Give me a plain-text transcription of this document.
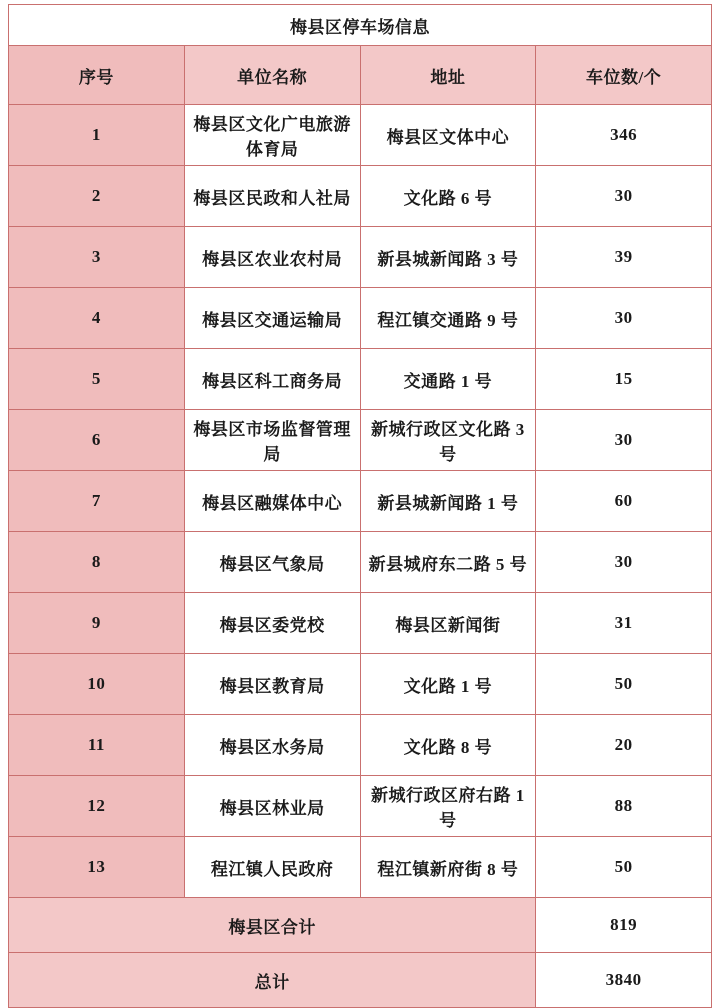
梅县区停车场信息			
序号	单位名称	地址	车位数/个
1	梅县区文化广电旅游体育局	梅县区文体中心	346
2	梅县区民政和人社局	文化路 6 号	30
3	梅县区农业农村局	新县城新闻路 3 号	39
4	梅县区交通运输局	程江镇交通路 9 号	30
5	梅县区科工商务局	交通路 1 号	15
6	梅县区市场监督管理局	新城行政区文化路 3 号	30
7	梅县区融媒体中心	新县城新闻路 1 号	60
8	梅县区气象局	新县城府东二路 5 号	30
9	梅县区委党校	梅县区新闻街	31
10	梅县区教育局	文化路 1 号	50
11	梅县区水务局	文化路 8 号	20
12	梅县区林业局	新城行政区府右路 1 号	88
13	程江镇人民政府	程江镇新府街 8 号	50
梅县区合计			819
总计			3840
